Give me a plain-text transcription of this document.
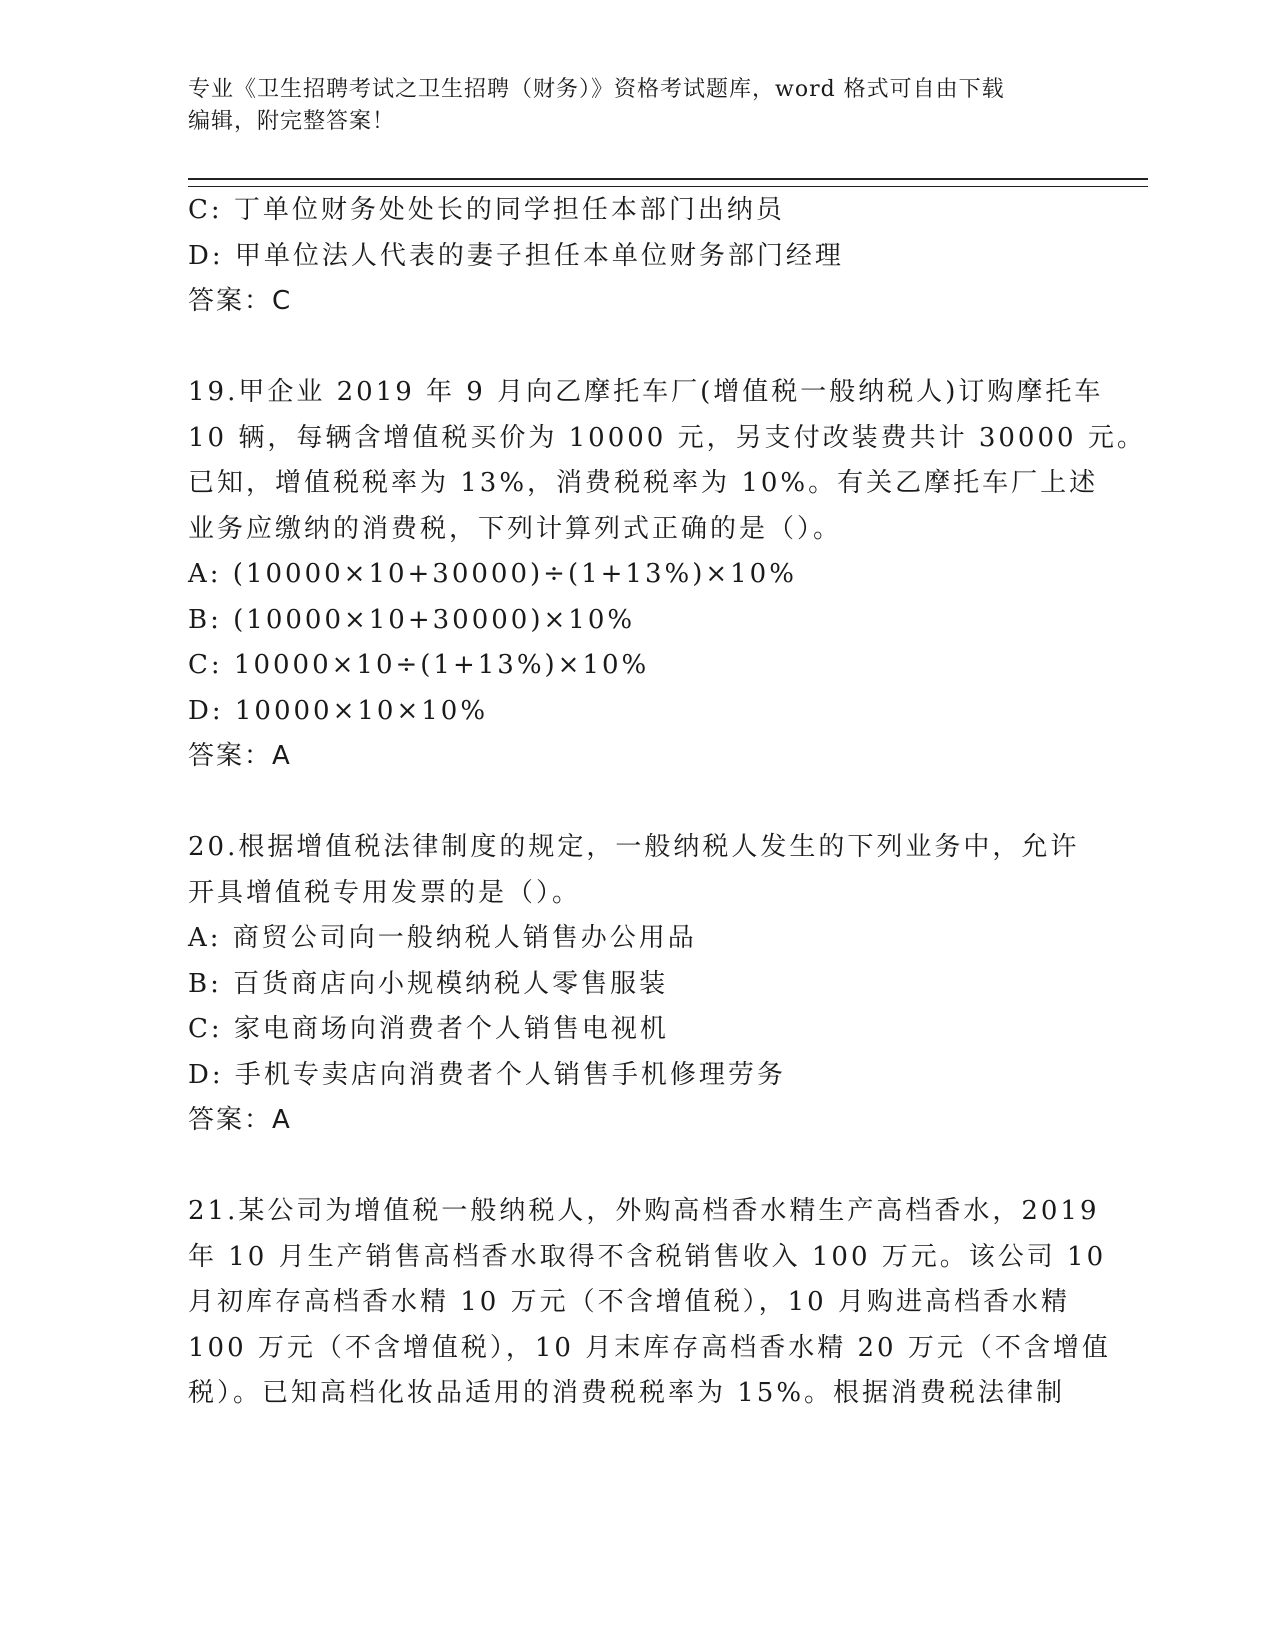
专业《卫生招聘考试之卫生招聘（财务）》资格考试题库，word 格式可自由下载
编辑，附完整答案！
C: 丁单位财务处处长的同学担任本部门出纳员
D: 甲单位法人代表的妻子担任本单位财务部门经理
答案：C
19.甲企业 2019 年 9 月向乙摩托车厂(增值税一般纳税人)订购摩托车
10 辆，每辆含增值税买价为 10000 元，另支付改装费共计 30000 元。
已知，增值税税率为 13%，消费税税率为 10%。有关乙摩托车厂上述
业务应缴纳的消费税，下列计算列式正确的是（）。
A: (10000×10+30000)÷(1+13%)×10%
B: (10000×10+30000)×10%
C: 10000×10÷(1+13%)×10%
D: 10000×10×10%
答案：A
20.根据增值税法律制度的规定，一般纳税人发生的下列业务中，允许
开具增值税专用发票的是（）。
A: 商贸公司向一般纳税人销售办公用品
B: 百货商店向小规模纳税人零售服装
C: 家电商场向消费者个人销售电视机
D: 手机专卖店向消费者个人销售手机修理劳务
答案：A
21.某公司为增值税一般纳税人，外购高档香水精生产高档香水，2019
年 10 月生产销售高档香水取得不含税销售收入 100 万元。该公司 10
月初库存高档香水精 10 万元（不含增值税），10 月购进高档香水精
100 万元（不含增值税），10 月末库存高档香水精 20 万元（不含增值
税）。已知高档化妆品适用的消费税税率为 15%。根据消费税法律制
